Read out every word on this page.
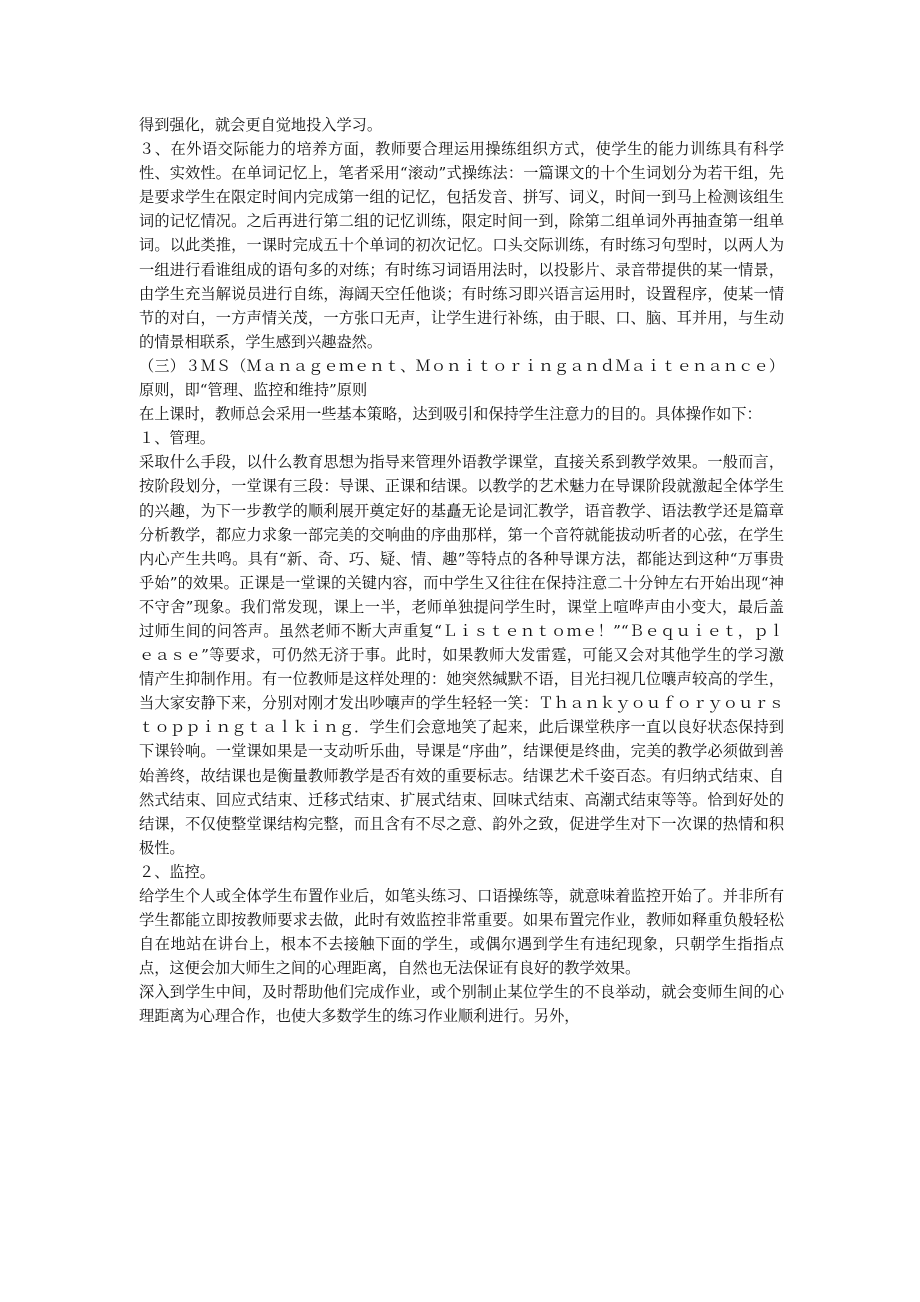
得到强化，就会更自觉地投入学习。

３、在外语交际能力的培养方面，教师要合理运用操练组织方式，使学生的能力训练具有科学性、实效性。在单词记忆上，笔者采用“滚动”式操练法：一篇课文的十个生词划分为若干组，先是要求学生在限定时间内完成第一组的记忆，包括发音、拼写、词义，时间一到马上检测该组生词的记忆情况。之后再进行第二组的记忆训练，限定时间一到，除第二组单词外再抽查第一组单词。以此类推，一课时完成五十个单词的初次记忆。口头交际训练，有时练习句型时，以两人为一组进行看谁组成的语句多的对练；有时练习词语用法时，以投影片、录音带提供的某一情景，由学生充当解说员进行自练，海阔天空任他谈；有时练习即兴语言运用时，设置程序，使某一情节的对白，一方声情关茂，一方张口无声，让学生进行补练，由于眼、口、脑、耳并用，与生动的情景相联系，学生感到兴趣盎然。

（三）３ＭＳ（Ｍａｎａｇｅｍｅｎｔ、ＭｏｎｉｔｏｒｉｎｇａｎｄＭａｉｔｅｎａｎｃｅ）原则，即“管理、监控和维持”原则

在上课时，教师总会采用一些基本策略，达到吸引和保持学生注意力的目的。具体操作如下：

１、管理。

采取什么手段，以什么教育思想为指导来管理外语教学课堂，直接关系到教学效果。一般而言，按阶段划分，一堂课有三段：导课、正课和结课。以教学的艺术魅力在导课阶段就激起全体学生的兴趣，为下一步教学的顺利展开奠定好的基矗无论是词汇教学，语音教学、语法教学还是篇章分析教学，都应力求象一部完美的交响曲的序曲那样，第一个音符就能拔动听者的心弦，在学生内心产生共鸣。具有“新、奇、巧、疑、情、趣”等特点的各种导课方法，都能达到这种“万事贵乎始”的效果。正课是一堂课的关键内容，而中学生又往往在保持注意二十分钟左右开始出现“神不守舍”现象。我们常发现，课上一半，老师单独提问学生时，课堂上喧哗声由小变大，最后盖过师生间的问答声。虽然老师不断大声重复“Ｌｉｓｔｅｎｔｏｍｅ！”“Ｂｅｑｕｉｅｔ，ｐｌｅａｓｅ”等要求，可仍然无济于事。此时，如果教师大发雷霆，可能又会对其他学生的学习激情产生抑制作用。有一位教师是这样处理的：她突然缄默不语，目光扫视几位嚷声较高的学生，当大家安静下来，分别对刚才发出吵嚷声的学生轻轻一笑：Ｔｈａｎｋｙｏｕｆｏｒｙｏｕｒｓｔｏｐｐｉｎｇｔａｌｋｉｎｇ．学生们会意地笑了起来，此后课堂秩序一直以良好状态保持到下课铃响。一堂课如果是一支动听乐曲，导课是“序曲”，结课便是终曲，完美的教学必须做到善始善终，故结课也是衡量教师教学是否有效的重要标志。结课艺术千姿百态。有归纳式结束、自然式结束、回应式结束、迁移式结束、扩展式结束、回味式结束、高潮式结束等等。恰到好处的结课，不仅使整堂课结构完整，而且含有不尽之意、韵外之致，促进学生对下一次课的热情和积极性。

２、监控。

给学生个人或全体学生布置作业后，如笔头练习、口语操练等，就意味着监控开始了。并非所有学生都能立即按教师要求去做，此时有效监控非常重要。如果布置完作业，教师如释重负般轻松自在地站在讲台上，根本不去接触下面的学生，或偶尔遇到学生有违纪现象，只朝学生指指点点，这便会加大师生之间的心理距离，自然也无法保证有良好的教学效果。

深入到学生中间，及时帮助他们完成作业，或个别制止某位学生的不良举动，就会变师生间的心理距离为心理合作，也使大多数学生的练习作业顺利进行。另外，
